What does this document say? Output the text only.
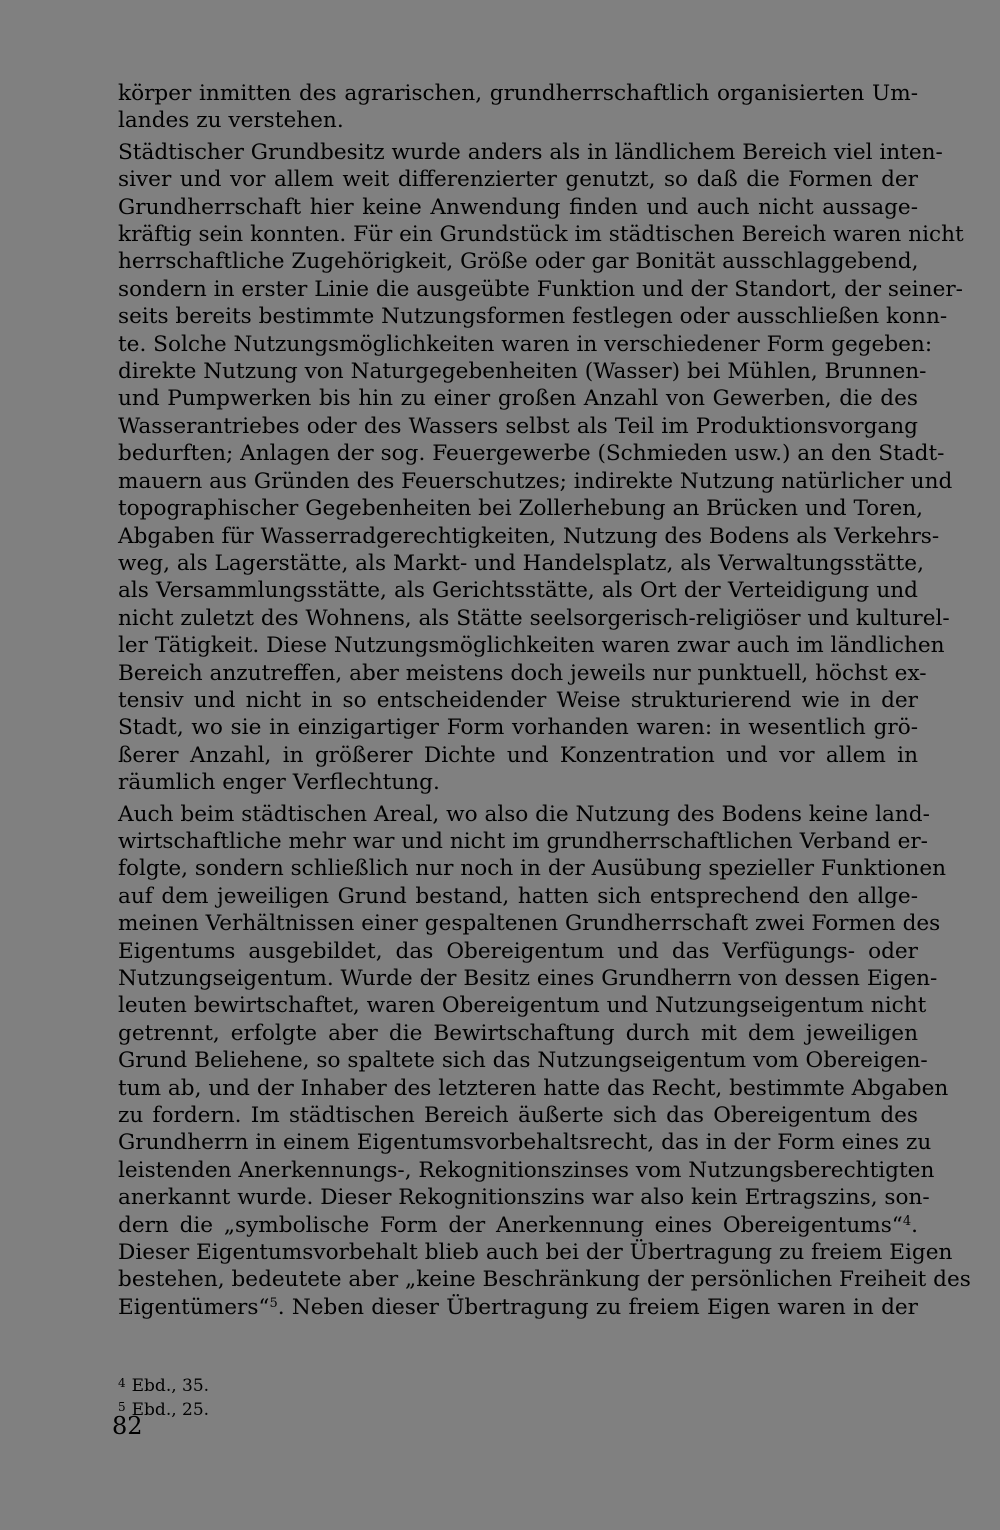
körper inmitten des agrarischen, grundherrschaftlich organisierten Um-
landes zu verstehen.

Städtischer Grundbesitz wurde anders als in ländlichem Bereich viel inten-
siver und vor allem weit differenzierter genutzt, so daß die Formen der
Grundherrschaft hier keine Anwendung finden und auch nicht aussage-
kräftig sein konnten. Für ein Grundstück im städtischen Bereich waren nicht
herrschaftliche Zugehörigkeit, Größe oder gar Bonität ausschlaggebend,
sondern in erster Linie die ausgeübte Funktion und der Standort, der seiner-
seits bereits bestimmte Nutzungsformen festlegen oder ausschließen konn-
te. Solche Nutzungsmöglichkeiten waren in verschiedener Form gegeben:
direkte Nutzung von Naturgegebenheiten (Wasser) bei Mühlen, Brunnen-
und Pumpwerken bis hin zu einer großen Anzahl von Gewerben, die des
Wasserantriebes oder des Wassers selbst als Teil im Produktionsvorgang
bedurften; Anlagen der sog. Feuergewerbe (Schmieden usw.) an den Stadt-
mauern aus Gründen des Feuerschutzes; indirekte Nutzung natürlicher und
topographischer Gegebenheiten bei Zollerhebung an Brücken und Toren,
Abgaben für Wasserradgerechtigkeiten, Nutzung des Bodens als Verkehrs-
weg, als Lagerstätte, als Markt- und Handelsplatz, als Verwaltungsstätte,
als Versammlungsstätte, als Gerichtsstätte, als Ort der Verteidigung und
nicht zuletzt des Wohnens, als Stätte seelsorgerisch-religiöser und kulturel-
ler Tätigkeit. Diese Nutzungsmöglichkeiten waren zwar auch im ländlichen
Bereich anzutreffen, aber meistens doch jeweils nur punktuell, höchst ex-
tensiv und nicht in so entscheidender Weise strukturierend wie in der
Stadt, wo sie in einzigartiger Form vorhanden waren: in wesentlich grö-
ßerer Anzahl, in größerer Dichte und Konzentration und vor allem in
räumlich enger Verflechtung.

Auch beim städtischen Areal, wo also die Nutzung des Bodens keine land-
wirtschaftliche mehr war und nicht im grundherrschaftlichen Verband er-
folgte, sondern schließlich nur noch in der Ausübung spezieller Funktionen
auf dem jeweiligen Grund bestand, hatten sich entsprechend den allge-
meinen Verhältnissen einer gespaltenen Grundherrschaft zwei Formen des
Eigentums ausgebildet, das Obereigentum und das Verfügungs- oder
Nutzungseigentum. Wurde der Besitz eines Grundherrn von dessen Eigen-
leuten bewirtschaftet, waren Obereigentum und Nutzungseigentum nicht
getrennt, erfolgte aber die Bewirtschaftung durch mit dem jeweiligen
Grund Beliehene, so spaltete sich das Nutzungseigentum vom Obereigen-
tum ab, und der Inhaber des letzteren hatte das Recht, bestimmte Abgaben
zu fordern. Im städtischen Bereich äußerte sich das Obereigentum des
Grundherrn in einem Eigentumsvorbehaltsrecht, das in der Form eines zu
leistenden Anerkennungs-, Rekognitionszinses vom Nutzungsberechtigten
anerkannt wurde. Dieser Rekognitionszins war also kein Ertragszins, son-
dern die „symbolische Form der Anerkennung eines Obereigentums“$^4$.
Dieser Eigentumsvorbehalt blieb auch bei der Übertragung zu freiem Eigen
bestehen, bedeutete aber „keine Beschränkung der persönlichen Freiheit des
Eigentümers“$^5$. Neben dieser Übertragung zu freiem Eigen waren in der

$^4$ Ebd., 35.
$^5$ Ebd., 25.
82
